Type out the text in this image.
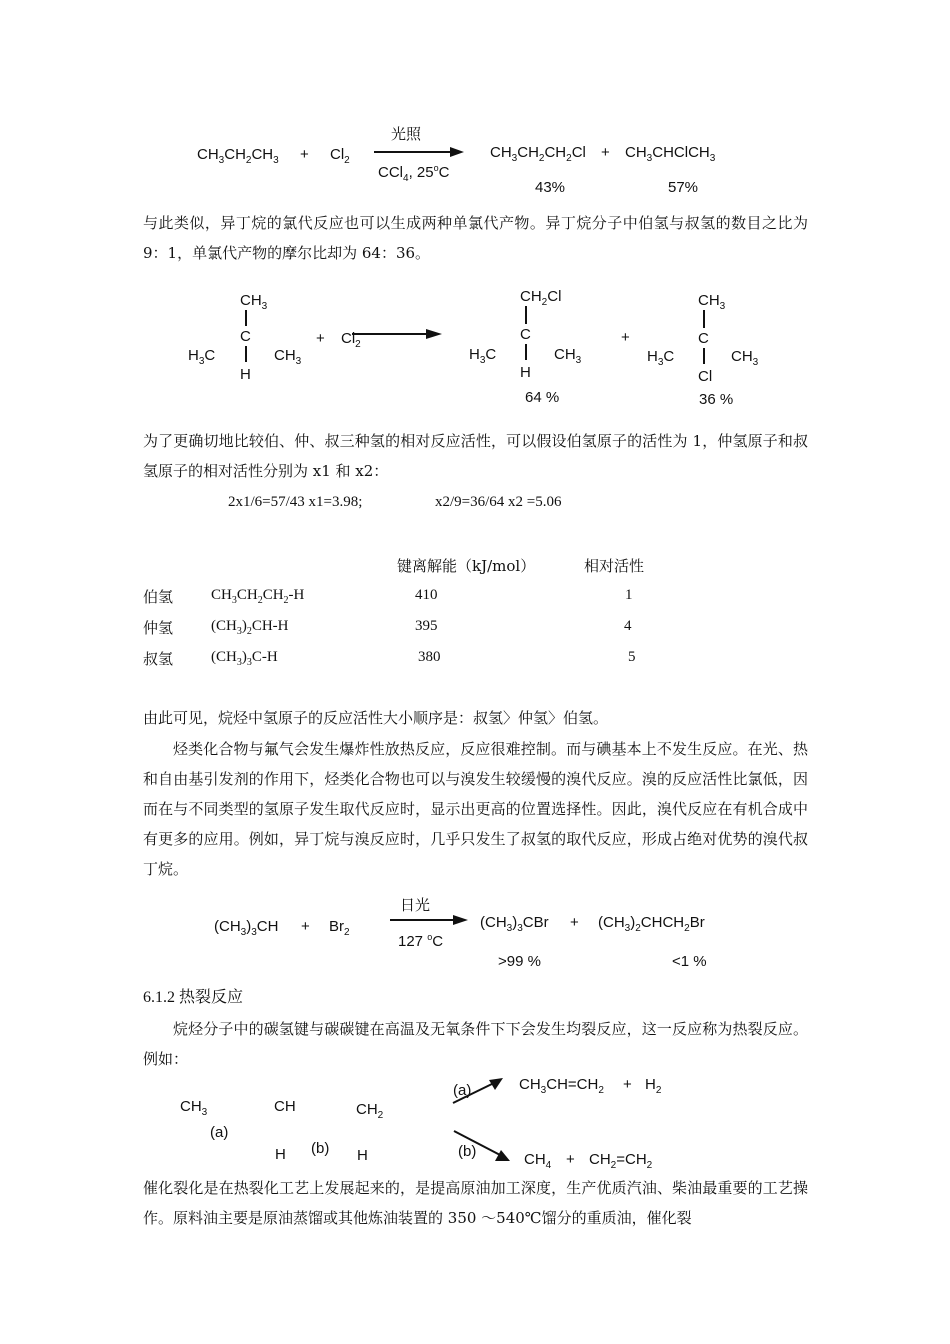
$CH_3CH_2CH_3 + Cl_2$
光照
CCl$_4$, 25$^o$C
$CH_3CH_2CH_2Cl$ + $CH_3CHClCH_3$
43%	57%
与此类似，异丁烷的氯代反应也可以生成两种单氯代产物。异丁烷分子中伯氢与叔氢的数目之比为 9：1，单氯代产物的摩尔比却为 64：36。
$CH_3$
C
H
$H_3C$	$CH_3$
+ $Cl_2$
$CH_2Cl$
C
H
$H_3C$	$CH_3$
64 %
+
$CH_3$
C
Cl
$H_3C$	$CH_3$
36 %
为了更确切地比较伯、仲、叔三种氢的相对反应活性，可以假设伯氢原子的活性为 1，仲氢原子和叔氢原子的相对活性分别为 x1 和 x2：
2x1/6=57/43 x1=3.98;	x2/9=36/64 x2 =5.06
键离解能（kJ/mol）	相对活性
伯氢	$CH_3CH_2CH_2-H$	410	1
仲氢	$(CH_3)_2CH-H$	395	4
叔氢	$(CH_3)_3C-H$	380	5
由此可见，烷烃中氢原子的反应活性大小顺序是：叔氢〉仲氢〉伯氢。
烃类化合物与氟气会发生爆炸性放热反应，反应很难控制。而与碘基本上不发生反应。在光、热和自由基引发剂的作用下，烃类化合物也可以与溴发生较缓慢的溴代反应。溴的反应活性比氯低，因而在与不同类型的氢原子发生取代反应时，显示出更高的位置选择性。因此，溴代反应在有机合成中有更多的应用。例如，异丁烷与溴反应时，几乎只发生了叔氢的取代反应，形成占绝对优势的溴代叔丁烷。
$(CH_3)_3CH + Br_2$
日光
127 $^o$C
$(CH_3)_3CBr$ + $(CH_3)_2CHCH_2Br$
>99 %	<1 %
6.1.2 热裂反应
烷烃分子中的碳氢键与碳碳键在高温及无氧条件下下会发生均裂反应，这一反应称为热裂反应。例如：
$CH_3$	CH	$CH_2$
(a)
H (b) H
(a)	$CH_3CH=CH_2 + H_2$
(b)	$CH_4 + CH_2=CH_2$
催化裂化是在热裂化工艺上发展起来的，是提高原油加工深度，生产优质汽油、柴油最重要的工艺操作。原料油主要是原油蒸馏或其他炼油装置的 350 ～540℃馏分的重质油，催化裂
